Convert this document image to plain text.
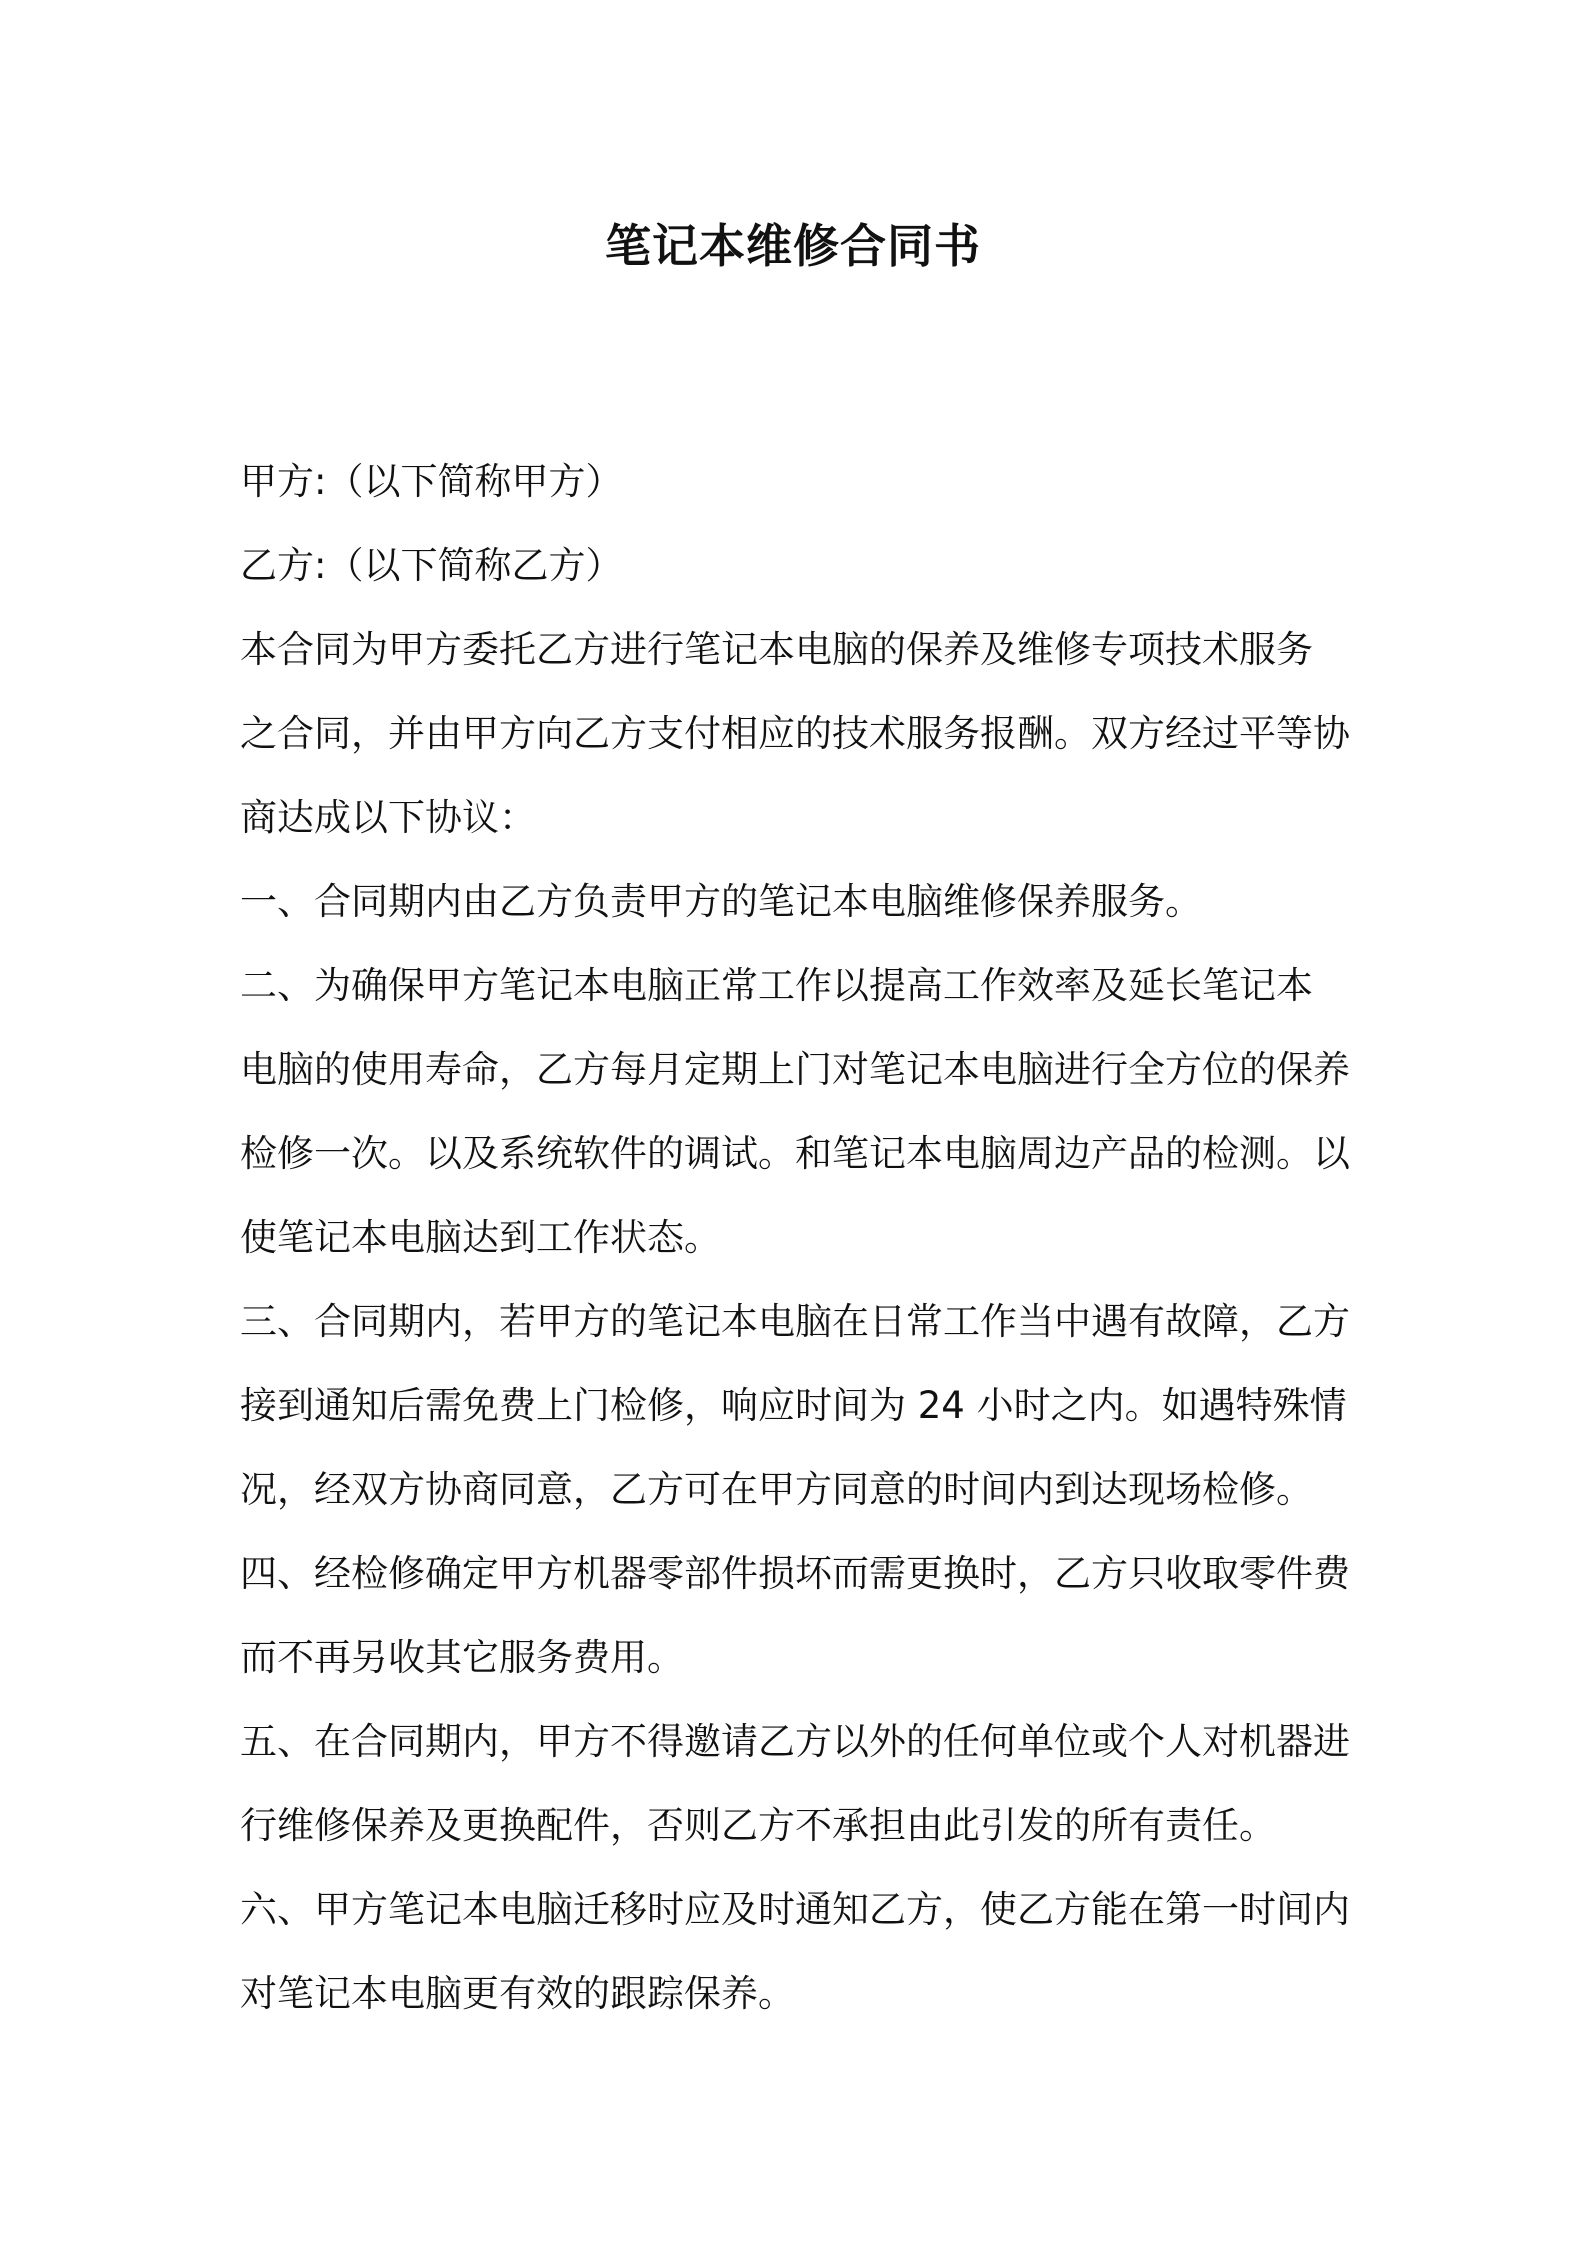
笔记本维修合同书
甲方:（以下简称甲方）
乙方:（以下简称乙方）
本合同为甲方委托乙方进行笔记本电脑的保养及维修专项技术服务
之合同，并由甲方向乙方支付相应的技术服务报酬。双方经过平等协
商达成以下协议：
一、合同期内由乙方负责甲方的笔记本电脑维修保养服务。
二、为确保甲方笔记本电脑正常工作以提高工作效率及延长笔记本
电脑的使用寿命，乙方每月定期上门对笔记本电脑进行全方位的保养
检修一次。以及系统软件的调试。和笔记本电脑周边产品的检测。以
使笔记本电脑达到工作状态。
三、合同期内，若甲方的笔记本电脑在日常工作当中遇有故障，乙方
接到通知后需免费上门检修，响应时间为 24 小时之内。如遇特殊情
况，经双方协商同意，乙方可在甲方同意的时间内到达现场检修。
四、经检修确定甲方机器零部件损坏而需更换时，乙方只收取零件费
而不再另收其它服务费用。
五、在合同期内，甲方不得邀请乙方以外的任何单位或个人对机器进
行维修保养及更换配件，否则乙方不承担由此引发的所有责任。
六、甲方笔记本电脑迁移时应及时通知乙方，使乙方能在第一时间内
对笔记本电脑更有效的跟踪保养。
